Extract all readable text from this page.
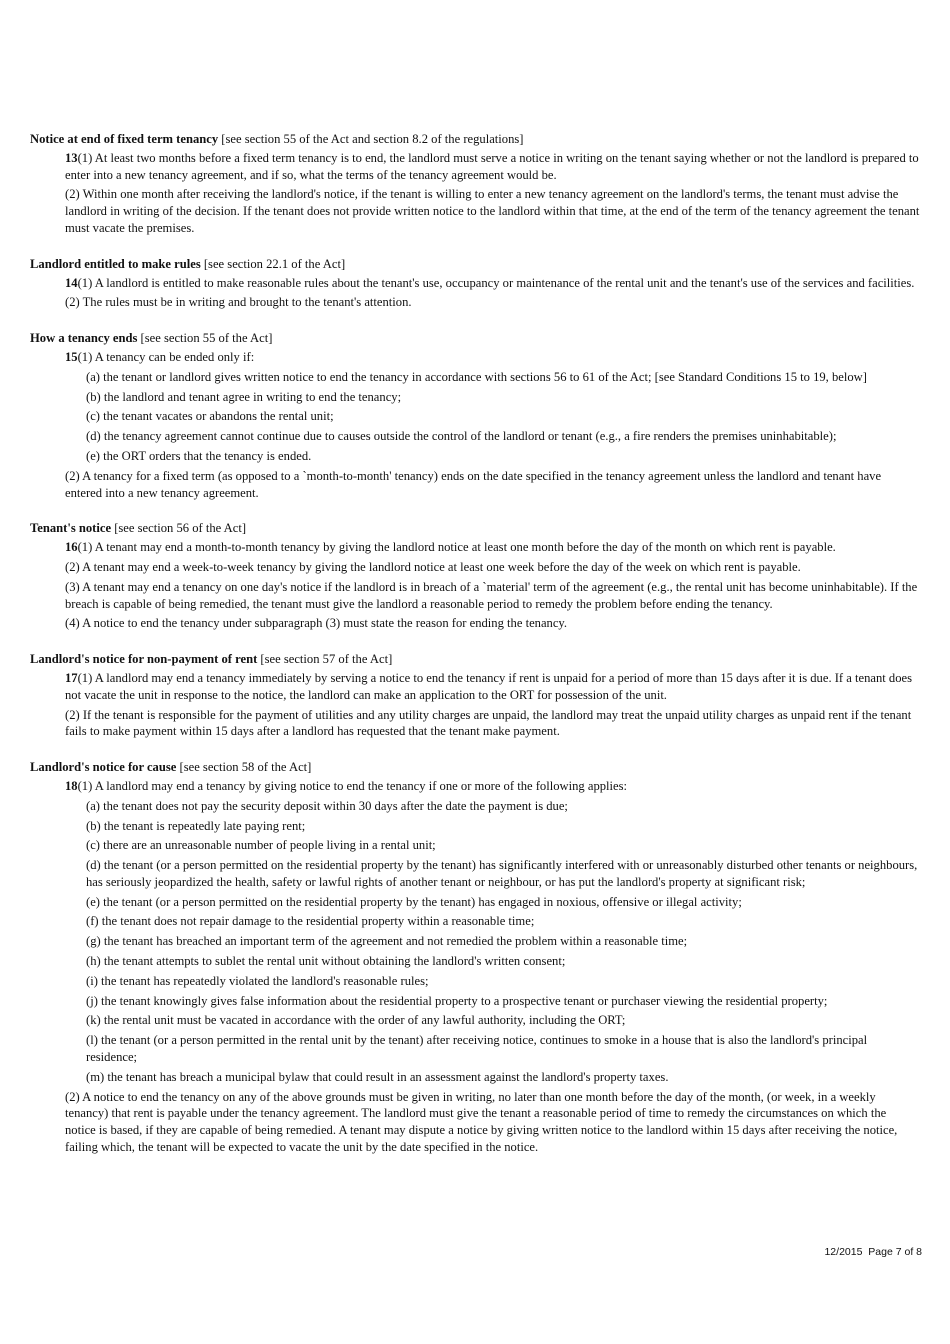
Notice at end of fixed term tenancy [see section 55 of the Act and section 8.2 of the regulations]
13(1) At least two months before a fixed term tenancy is to end, the landlord must serve a notice in writing on the tenant saying whether or not the landlord is prepared to enter into a new tenancy agreement, and if so, what the terms of the tenancy agreement would be.
(2) Within one month after receiving the landlord's notice, if the tenant is willing to enter a new tenancy agreement on the landlord's terms, the tenant must advise the landlord in writing of the decision. If the tenant does not provide written notice to the landlord within that time, at the end of the term of the tenancy agreement the tenant must vacate the premises.
Landlord entitled to make rules [see section 22.1 of the Act]
14(1) A landlord is entitled to make reasonable rules about the tenant's use, occupancy or maintenance of the rental unit and the tenant's use of the services and facilities.
(2) The rules must be in writing and brought to the tenant's attention.
How a tenancy ends [see section 55 of the Act]
15(1) A tenancy can be ended only if:
(a) the tenant or landlord gives written notice to end the tenancy in accordance with sections 56 to 61 of the Act; [see Standard Conditions 15 to 19, below]
(b) the landlord and tenant agree in writing to end the tenancy;
(c) the tenant vacates or abandons the rental unit;
(d) the tenancy agreement cannot continue due to causes outside the control of the landlord or tenant (e.g., a fire renders the premises uninhabitable);
(e) the ORT orders that the tenancy is ended.
(2) A tenancy for a fixed term (as opposed to a `month-to-month' tenancy) ends on the date specified in the tenancy agreement unless the landlord and tenant have entered into a new tenancy agreement.
Tenant's notice [see section 56 of the Act]
16(1) A tenant may end a month-to-month tenancy by giving the landlord notice at least one month before the day of the month on which rent is payable.
(2) A tenant may end a week-to-week tenancy by giving the landlord notice at least one week before the day of the week on which rent is payable.
(3) A tenant may end a tenancy on one day's notice if the landlord is in breach of a `material' term of the agreement (e.g., the rental unit has become uninhabitable). If the breach is capable of being remedied, the tenant must give the landlord a reasonable period to remedy the problem before ending the tenancy.
(4) A notice to end the tenancy under subparagraph (3) must state the reason for ending the tenancy.
Landlord's notice for non-payment of rent [see section 57 of the Act]
17(1) A landlord may end a tenancy immediately by serving a notice to end the tenancy if rent is unpaid for a period of more than 15 days after it is due. If a tenant does not vacate the unit in response to the notice, the landlord can make an application to the ORT for possession of the unit.
(2) If the tenant is responsible for the payment of utilities and any utility charges are unpaid, the landlord may treat the unpaid utility charges as unpaid rent if the tenant fails to make payment within 15 days after a landlord has requested that the tenant make payment.
Landlord's notice for cause [see section 58 of the Act]
18(1) A landlord may end a tenancy by giving notice to end the tenancy if one or more of the following applies:
(a) the tenant does not pay the security deposit within 30 days after the date the payment is due;
(b) the tenant is repeatedly late paying rent;
(c) there are an unreasonable number of people living in a rental unit;
(d) the tenant (or a person permitted on the residential property by the tenant) has significantly interfered with or unreasonably disturbed other tenants or neighbours, has seriously jeopardized the health, safety or lawful rights of another tenant or neighbour, or has put the landlord's property at significant risk;
(e) the tenant (or a person permitted on the residential property by the tenant) has engaged in noxious, offensive or illegal activity;
(f) the tenant does not repair damage to the residential property within a reasonable time;
(g) the tenant has breached an important term of the agreement and not remedied the problem within a reasonable time;
(h) the tenant attempts to sublet the rental unit without obtaining the landlord's written consent;
(i) the tenant has repeatedly violated the landlord's reasonable rules;
(j) the tenant knowingly gives false information about the residential property to a prospective tenant or purchaser viewing the residential property;
(k) the rental unit must be vacated in accordance with the order of any lawful authority, including the ORT;
(l) the tenant (or a person permitted in the rental unit by the tenant) after receiving notice, continues to smoke in a house that is also the landlord's principal residence;
(m) the tenant has breach a municipal bylaw that could result in an assessment against the landlord's property taxes.
(2) A notice to end the tenancy on any of the above grounds must be given in writing, no later than one month before the day of the month, (or week, in a weekly tenancy) that rent is payable under the tenancy agreement. The landlord must give the tenant a reasonable period of time to remedy the circumstances on which the notice is based, if they are capable of being remedied. A tenant may dispute a notice by giving written notice to the landlord within 15 days after receiving the notice, failing which, the tenant will be expected to vacate the unit by the date specified in the notice.
12/2015 Page 7 of 8
